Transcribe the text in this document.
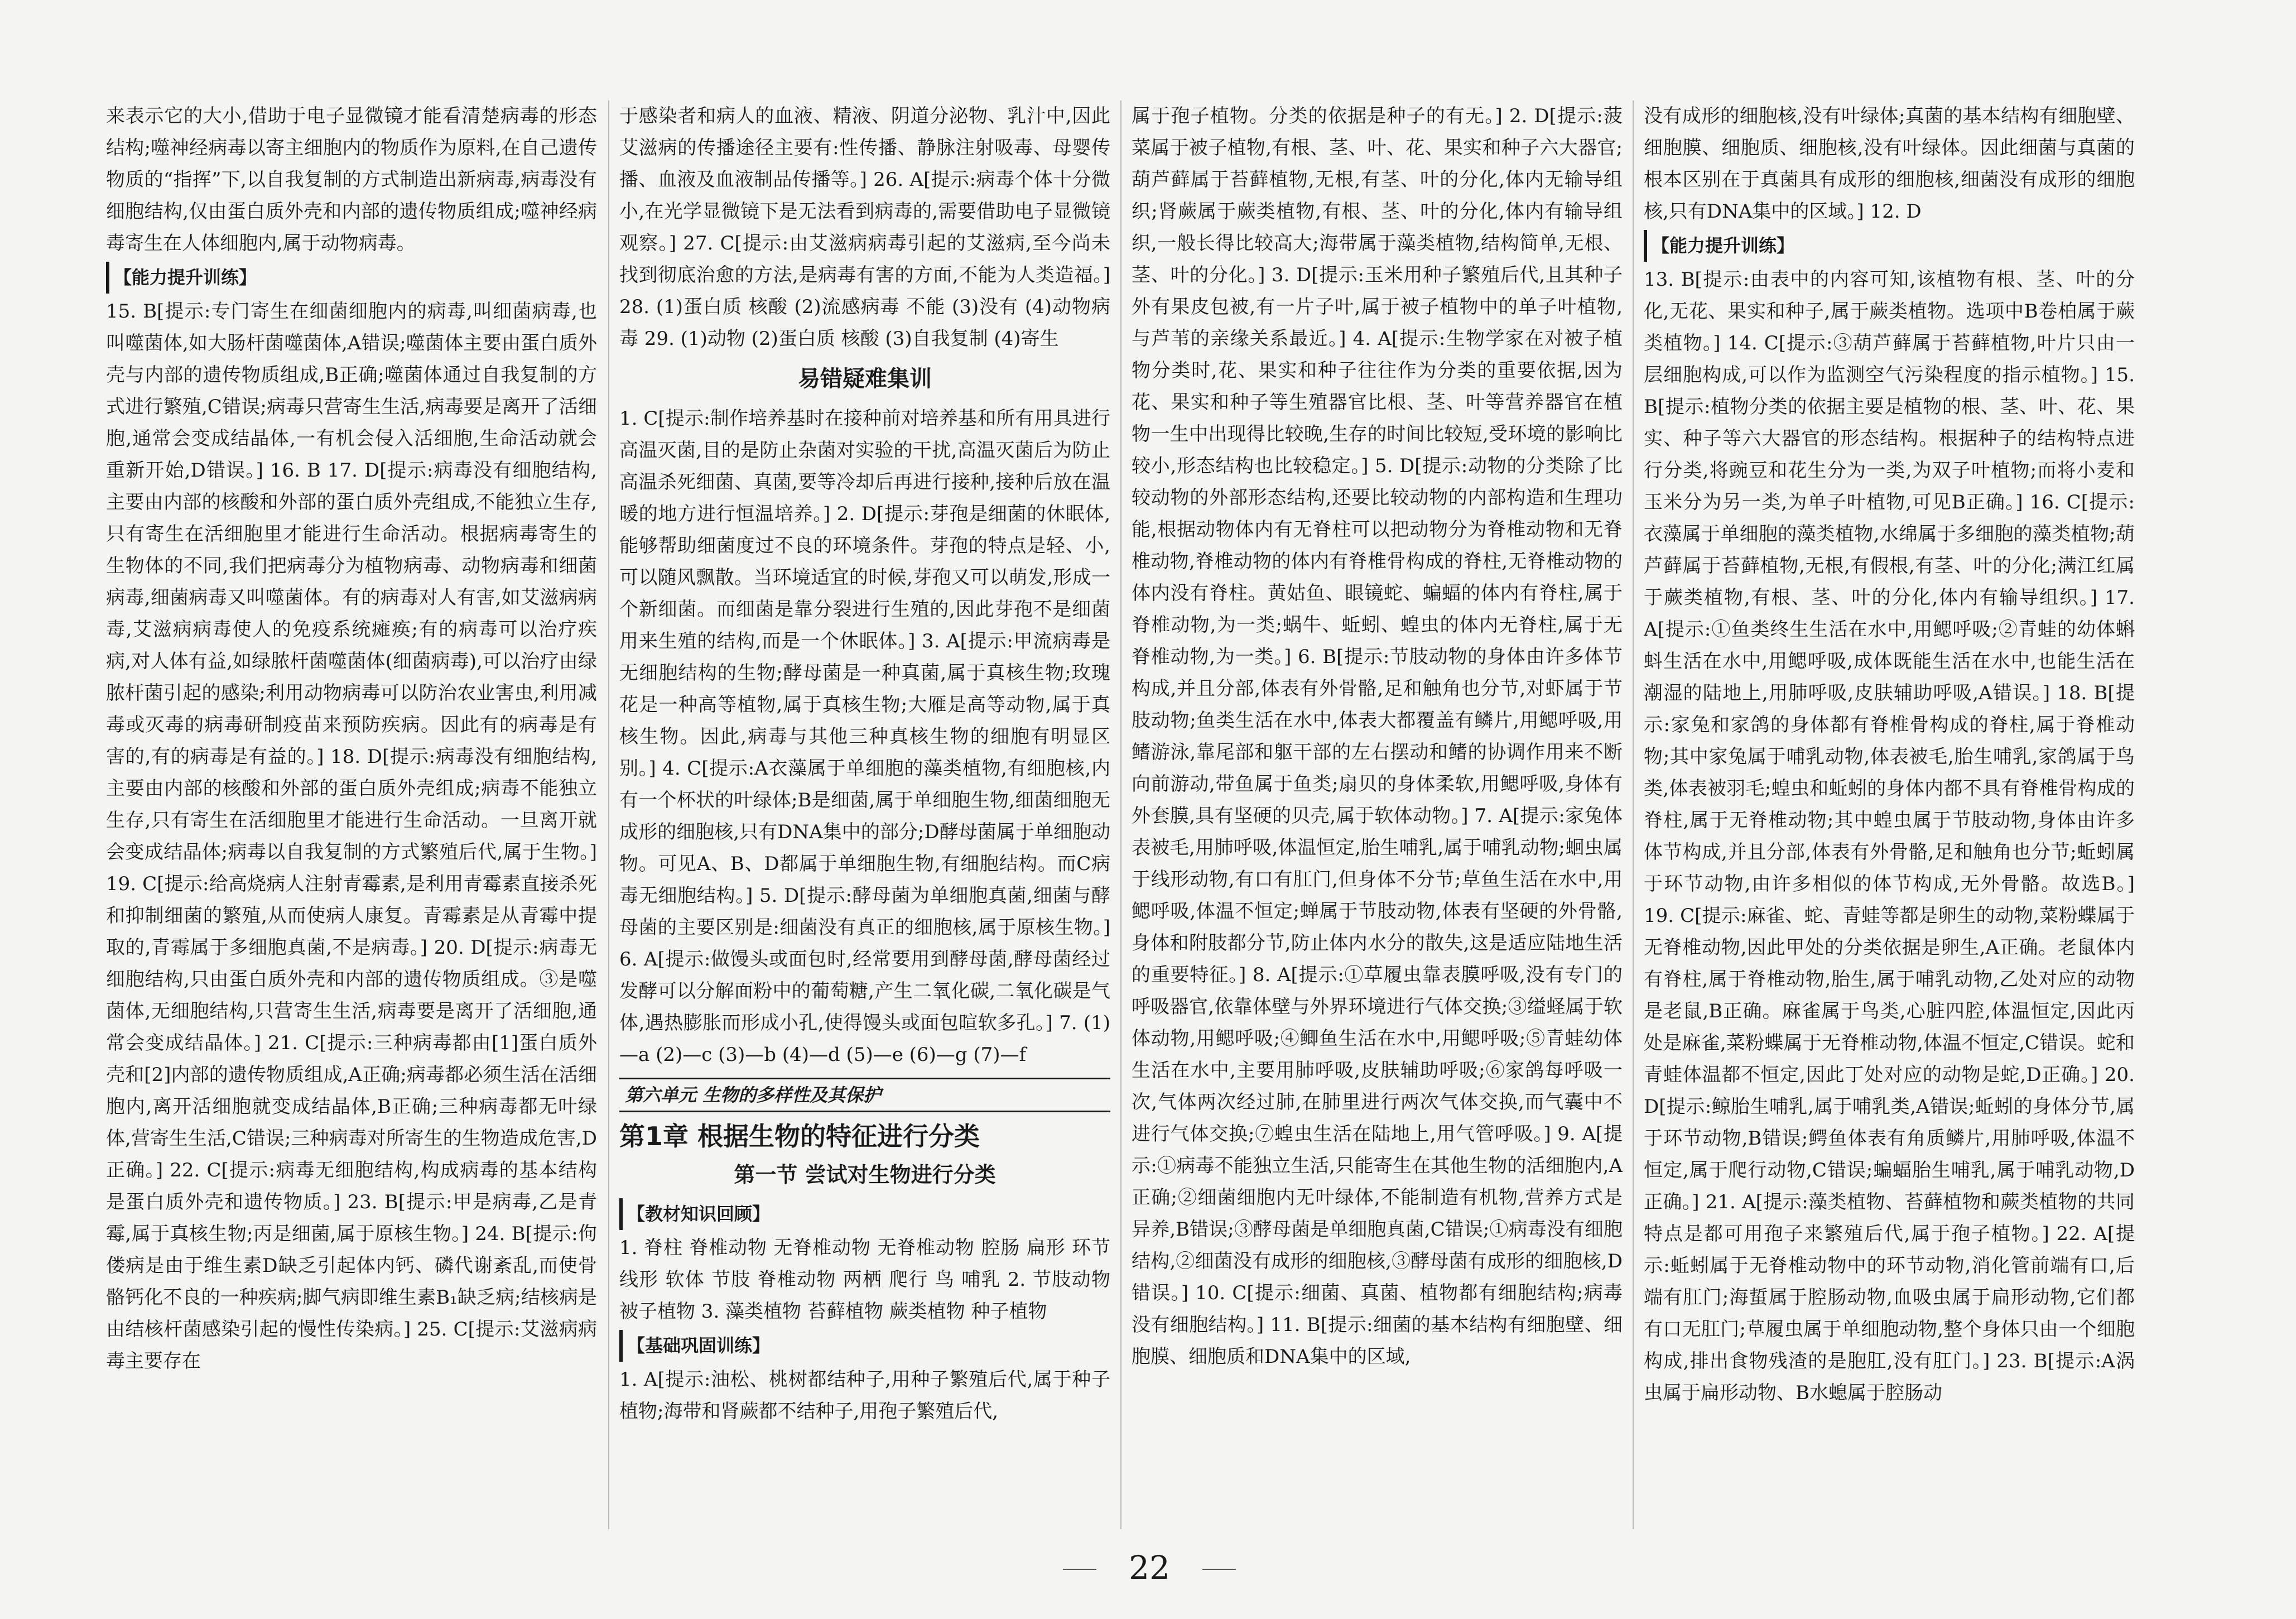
来表示它的大小,借助于电子显微镜才能看清楚病毒的形态结构;噬神经病毒以寄主细胞内的物质作为原料,在自己遗传物质的“指挥”下,以自我复制的方式制造出新病毒,病毒没有细胞结构,仅由蛋白质外壳和内部的遗传物质组成;噬神经病毒寄生在人体细胞内,属于动物病毒。

【能力提升训练】

15. B[提示:专门寄生在细菌细胞内的病毒,叫细菌病毒,也叫噬菌体,如大肠杆菌噬菌体,A错误;噬菌体主要由蛋白质外壳与内部的遗传物质组成,B正确;噬菌体通过自我复制的方式进行繁殖,C错误;病毒只营寄生生活,病毒要是离开了活细胞,通常会变成结晶体,一有机会侵入活细胞,生命活动就会重新开始,D错误。] 16. B 17. D[提示:病毒没有细胞结构,主要由内部的核酸和外部的蛋白质外壳组成,不能独立生存,只有寄生在活细胞里才能进行生命活动。根据病毒寄生的生物体的不同,我们把病毒分为植物病毒、动物病毒和细菌病毒,细菌病毒又叫噬菌体。有的病毒对人有害,如艾滋病病毒,艾滋病病毒使人的免疫系统瘫痪;有的病毒可以治疗疾病,对人体有益,如绿脓杆菌噬菌体(细菌病毒),可以治疗由绿脓杆菌引起的感染;利用动物病毒可以防治农业害虫,利用减毒或灭毒的病毒研制疫苗来预防疾病。因此有的病毒是有害的,有的病毒是有益的。] 18. D[提示:病毒没有细胞结构,主要由内部的核酸和外部的蛋白质外壳组成;病毒不能独立生存,只有寄生在活细胞里才能进行生命活动。一旦离开就会变成结晶体;病毒以自我复制的方式繁殖后代,属于生物。] 19. C[提示:给高烧病人注射青霉素,是利用青霉素直接杀死和抑制细菌的繁殖,从而使病人康复。青霉素是从青霉中提取的,青霉属于多细胞真菌,不是病毒。] 20. D[提示:病毒无细胞结构,只由蛋白质外壳和内部的遗传物质组成。③是噬菌体,无细胞结构,只营寄生生活,病毒要是离开了活细胞,通常会变成结晶体。] 21. C[提示:三种病毒都由[1]蛋白质外壳和[2]内部的遗传物质组成,A正确;病毒都必须生活在活细胞内,离开活细胞就变成结晶体,B正确;三种病毒都无叶绿体,营寄生生活,C错误;三种病毒对所寄生的生物造成危害,D正确。] 22. C[提示:病毒无细胞结构,构成病毒的基本结构是蛋白质外壳和遗传物质。] 23. B[提示:甲是病毒,乙是青霉,属于真核生物;丙是细菌,属于原核生物。] 24. B[提示:佝偻病是由于维生素D缺乏引起体内钙、磷代谢紊乱,而使骨骼钙化不良的一种疾病;脚气病即维生素B₁缺乏病;结核病是由结核杆菌感染引起的慢性传染病。] 25. C[提示:艾滋病病毒主要存在

于感染者和病人的血液、精液、阴道分泌物、乳汁中,因此艾滋病的传播途径主要有:性传播、静脉注射吸毒、母婴传播、血液及血液制品传播等。] 26. A[提示:病毒个体十分微小,在光学显微镜下是无法看到病毒的,需要借助电子显微镜观察。] 27. C[提示:由艾滋病病毒引起的艾滋病,至今尚未找到彻底治愈的方法,是病毒有害的方面,不能为人类造福。] 28. (1)蛋白质 核酸 (2)流感病毒 不能 (3)没有 (4)动物病毒 29. (1)动物 (2)蛋白质 核酸 (3)自我复制 (4)寄生

易错疑难集训

1. C[提示:制作培养基时在接种前对培养基和所有用具进行高温灭菌,目的是防止杂菌对实验的干扰,高温灭菌后为防止高温杀死细菌、真菌,要等冷却后再进行接种,接种后放在温暖的地方进行恒温培养。] 2. D[提示:芽孢是细菌的休眠体,能够帮助细菌度过不良的环境条件。芽孢的特点是轻、小,可以随风飘散。当环境适宜的时候,芽孢又可以萌发,形成一个新细菌。而细菌是靠分裂进行生殖的,因此芽孢不是细菌用来生殖的结构,而是一个休眠体。] 3. A[提示:甲流病毒是无细胞结构的生物;酵母菌是一种真菌,属于真核生物;玫瑰花是一种高等植物,属于真核生物;大雁是高等动物,属于真核生物。因此,病毒与其他三种真核生物的细胞有明显区别。] 4. C[提示:A衣藻属于单细胞的藻类植物,有细胞核,内有一个杯状的叶绿体;B是细菌,属于单细胞生物,细菌细胞无成形的细胞核,只有DNA集中的部分;D酵母菌属于单细胞动物。可见A、B、D都属于单细胞生物,有细胞结构。而C病毒无细胞结构。] 5. D[提示:酵母菌为单细胞真菌,细菌与酵母菌的主要区别是:细菌没有真正的细胞核,属于原核生物。] 6. A[提示:做馒头或面包时,经常要用到酵母菌,酵母菌经过发酵可以分解面粉中的葡萄糖,产生二氧化碳,二氧化碳是气体,遇热膨胀而形成小孔,使得馒头或面包暄软多孔。] 7. (1)—a (2)—c (3)—b (4)—d (5)—e (6)—g (7)—f

第六单元 生物的多样性及其保护
第1章 根据生物的特征进行分类
第一节 尝试对生物进行分类
【教材知识回顾】

1. 脊柱 脊椎动物 无脊椎动物 无脊椎动物 腔肠 扁形 环节 线形 软体 节肢 脊椎动物 两栖 爬行 鸟 哺乳 2. 节肢动物 被子植物 3. 藻类植物 苔藓植物 蕨类植物 种子植物

【基础巩固训练】

1. A[提示:油松、桃树都结种子,用种子繁殖后代,属于种子植物;海带和肾蕨都不结种子,用孢子繁殖后代,

属于孢子植物。分类的依据是种子的有无。] 2. D[提示:菠菜属于被子植物,有根、茎、叶、花、果实和种子六大器官;葫芦藓属于苔藓植物,无根,有茎、叶的分化,体内无输导组织;肾蕨属于蕨类植物,有根、茎、叶的分化,体内有输导组织,一般长得比较高大;海带属于藻类植物,结构简单,无根、茎、叶的分化。] 3. D[提示:玉米用种子繁殖后代,且其种子外有果皮包被,有一片子叶,属于被子植物中的单子叶植物,与芦苇的亲缘关系最近。] 4. A[提示:生物学家在对被子植物分类时,花、果实和种子往往作为分类的重要依据,因为花、果实和种子等生殖器官比根、茎、叶等营养器官在植物一生中出现得比较晚,生存的时间比较短,受环境的影响比较小,形态结构也比较稳定。] 5. D[提示:动物的分类除了比较动物的外部形态结构,还要比较动物的内部构造和生理功能,根据动物体内有无脊柱可以把动物分为脊椎动物和无脊椎动物,脊椎动物的体内有脊椎骨构成的脊柱,无脊椎动物的体内没有脊柱。黄姑鱼、眼镜蛇、蝙蝠的体内有脊柱,属于脊椎动物,为一类;蜗牛、蚯蚓、蝗虫的体内无脊柱,属于无脊椎动物,为一类。] 6. B[提示:节肢动物的身体由许多体节构成,并且分部,体表有外骨骼,足和触角也分节,对虾属于节肢动物;鱼类生活在水中,体表大都覆盖有鳞片,用鳃呼吸,用鳍游泳,靠尾部和躯干部的左右摆动和鳍的协调作用来不断向前游动,带鱼属于鱼类;扇贝的身体柔软,用鳃呼吸,身体有外套膜,具有坚硬的贝壳,属于软体动物。] 7. A[提示:家兔体表被毛,用肺呼吸,体温恒定,胎生哺乳,属于哺乳动物;蛔虫属于线形动物,有口有肛门,但身体不分节;草鱼生活在水中,用鳃呼吸,体温不恒定;蝉属于节肢动物,体表有坚硬的外骨骼,身体和附肢都分节,防止体内水分的散失,这是适应陆地生活的重要特征。] 8. A[提示:①草履虫靠表膜呼吸,没有专门的呼吸器官,依靠体壁与外界环境进行气体交换;③缢蛏属于软体动物,用鳃呼吸;④鲫鱼生活在水中,用鳃呼吸;⑤青蛙幼体生活在水中,主要用肺呼吸,皮肤辅助呼吸;⑥家鸽每呼吸一次,气体两次经过肺,在肺里进行两次气体交换,而气囊中不进行气体交换;⑦蝗虫生活在陆地上,用气管呼吸。] 9. A[提示:①病毒不能独立生活,只能寄生在其他生物的活细胞内,A正确;②细菌细胞内无叶绿体,不能制造有机物,营养方式是异养,B错误;③酵母菌是单细胞真菌,C错误;①病毒没有细胞结构,②细菌没有成形的细胞核,③酵母菌有成形的细胞核,D错误。] 10. C[提示:细菌、真菌、植物都有细胞结构;病毒没有细胞结构。] 11. B[提示:细菌的基本结构有细胞壁、细胞膜、细胞质和DNA集中的区域,

没有成形的细胞核,没有叶绿体;真菌的基本结构有细胞壁、细胞膜、细胞质、细胞核,没有叶绿体。因此细菌与真菌的根本区别在于真菌具有成形的细胞核,细菌没有成形的细胞核,只有DNA集中的区域。] 12. D

【能力提升训练】

13. B[提示:由表中的内容可知,该植物有根、茎、叶的分化,无花、果实和种子,属于蕨类植物。选项中B卷柏属于蕨类植物。] 14. C[提示:③葫芦藓属于苔藓植物,叶片只由一层细胞构成,可以作为监测空气污染程度的指示植物。] 15. B[提示:植物分类的依据主要是植物的根、茎、叶、花、果实、种子等六大器官的形态结构。根据种子的结构特点进行分类,将豌豆和花生分为一类,为双子叶植物;而将小麦和玉米分为另一类,为单子叶植物,可见B正确。] 16. C[提示:衣藻属于单细胞的藻类植物,水绵属于多细胞的藻类植物;葫芦藓属于苔藓植物,无根,有假根,有茎、叶的分化;满江红属于蕨类植物,有根、茎、叶的分化,体内有输导组织。] 17. A[提示:①鱼类终生生活在水中,用鳃呼吸;②青蛙的幼体蝌蚪生活在水中,用鳃呼吸,成体既能生活在水中,也能生活在潮湿的陆地上,用肺呼吸,皮肤辅助呼吸,A错误。] 18. B[提示:家兔和家鸽的身体都有脊椎骨构成的脊柱,属于脊椎动物;其中家兔属于哺乳动物,体表被毛,胎生哺乳,家鸽属于鸟类,体表被羽毛;蝗虫和蚯蚓的身体内都不具有脊椎骨构成的脊柱,属于无脊椎动物;其中蝗虫属于节肢动物,身体由许多体节构成,并且分部,体表有外骨骼,足和触角也分节;蚯蚓属于环节动物,由许多相似的体节构成,无外骨骼。故选B。] 19. C[提示:麻雀、蛇、青蛙等都是卵生的动物,菜粉蝶属于无脊椎动物,因此甲处的分类依据是卵生,A正确。老鼠体内有脊柱,属于脊椎动物,胎生,属于哺乳动物,乙处对应的动物是老鼠,B正确。麻雀属于鸟类,心脏四腔,体温恒定,因此丙处是麻雀,菜粉蝶属于无脊椎动物,体温不恒定,C错误。蛇和青蛙体温都不恒定,因此丁处对应的动物是蛇,D正确。] 20. D[提示:鲸胎生哺乳,属于哺乳类,A错误;蚯蚓的身体分节,属于环节动物,B错误;鳄鱼体表有角质鳞片,用肺呼吸,体温不恒定,属于爬行动物,C错误;蝙蝠胎生哺乳,属于哺乳动物,D正确。] 21. A[提示:藻类植物、苔藓植物和蕨类植物的共同特点是都可用孢子来繁殖后代,属于孢子植物。] 22. A[提示:蚯蚓属于无脊椎动物中的环节动物,消化管前端有口,后端有肛门;海蜇属于腔肠动物,血吸虫属于扁形动物,它们都有口无肛门;草履虫属于单细胞动物,整个身体只由一个细胞构成,排出食物残渣的是胞肛,没有肛门。] 23. B[提示:A涡虫属于扁形动物、B水螅属于腔肠动

22
